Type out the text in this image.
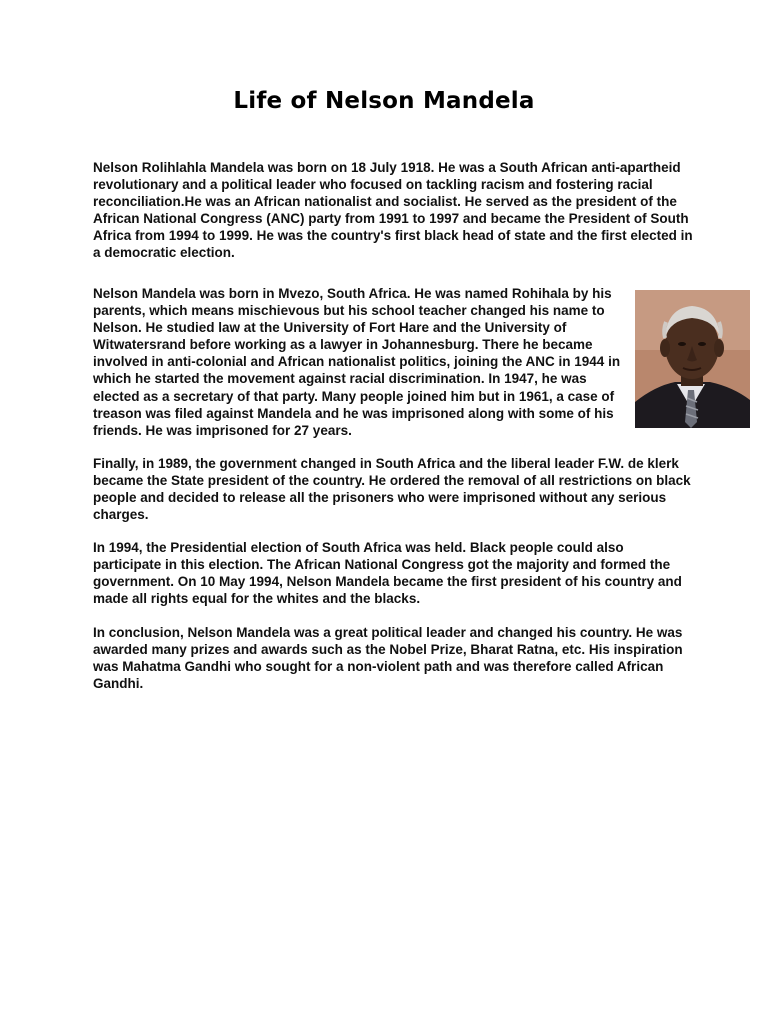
Life of Nelson Mandela

Nelson Rolihlahla Mandela was born on 18 July 1918. He was a South African anti-apartheid revolutionary and a political leader who focused on tackling racism and fostering racial reconciliation.He was an African nationalist and socialist. He served as the president of the African National Congress (ANC) party from 1991 to 1997 and became the President of South Africa from 1994 to 1999. He was the country's first black head of state and the first elected in a democratic election.

Nelson Mandela was born in Mvezo, South Africa. He was named Rohihala by his parents, which means mischievous but his school teacher changed his name to Nelson. He studied law at the University of Fort Hare and the University of Witwatersrand before working as a lawyer in Johannesburg. There he became involved in anti-colonial and African nationalist politics, joining the ANC in 1944 in which he started the movement against racial discrimination. In 1947, he was elected as a secretary of that party. Many people joined him but in 1961, a case of treason was filed against Mandela and he was imprisoned along with some of his friends. He was imprisoned for 27 years.

Finally, in 1989, the government changed in South Africa and the liberal leader F.W. de klerk became the State president of the country. He ordered the removal of all restrictions on black people and decided to release all the prisoners who were imprisoned without any serious charges.

In 1994, the Presidential election of South Africa was held. Black people could also participate in this election. The African National Congress got the majority and formed the government. On 10 May 1994, Nelson Mandela became the first president of his country and made all rights equal for the whites and the blacks.

In conclusion, Nelson Mandela was a great political leader and changed his country. He was awarded many prizes and awards such as the Nobel Prize, Bharat Ratna, etc. His inspiration was Mahatma Gandhi who sought for a non-violent path and was therefore called African Gandhi.
